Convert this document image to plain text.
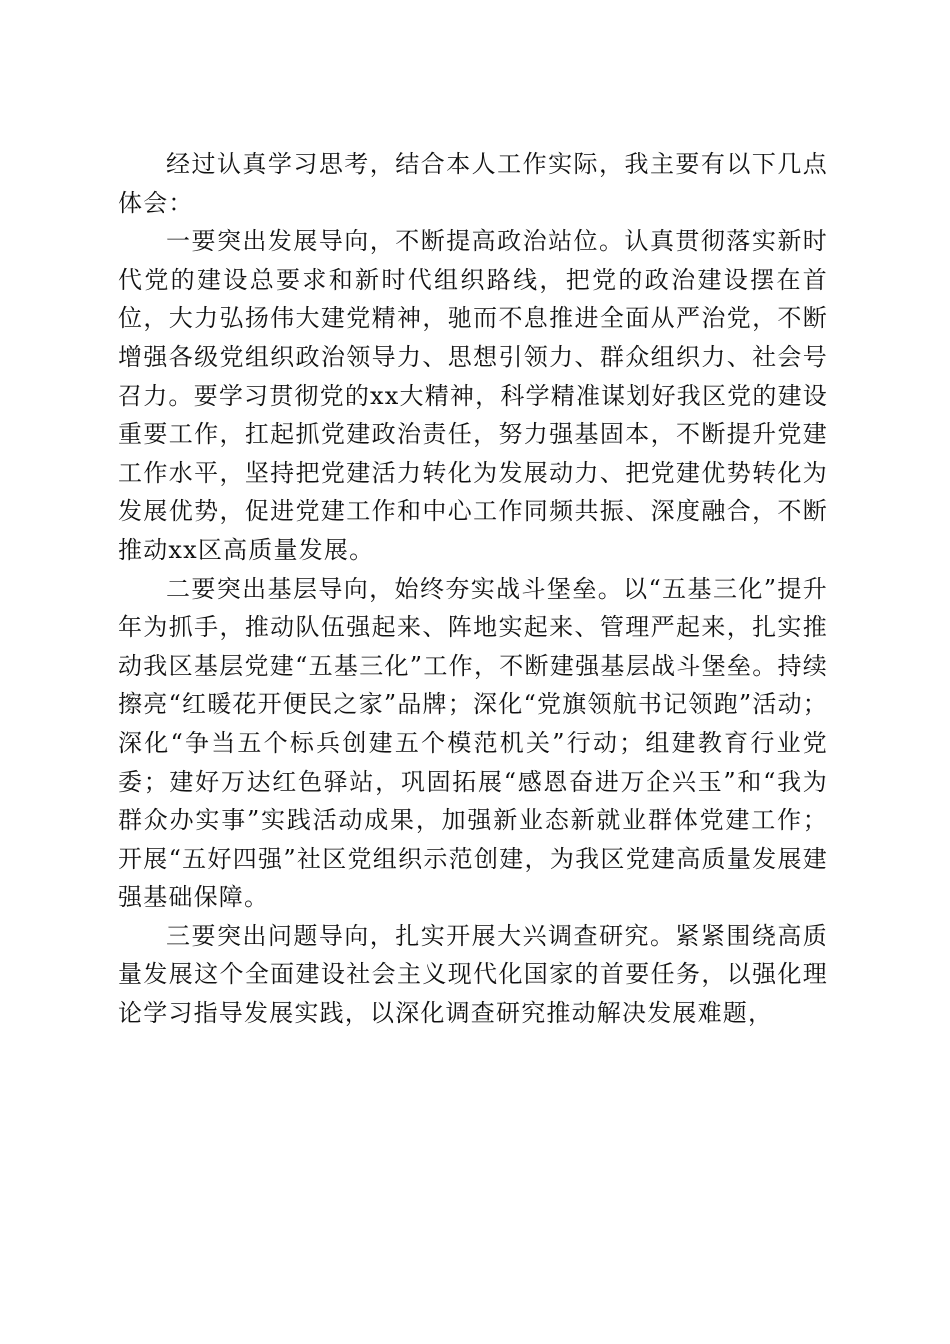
经过认真学习思考，结合本人工作实际，我主要有以下几点体会：

一要突出发展导向，不断提高政治站位。认真贯彻落实新时代党的建设总要求和新时代组织路线，把党的政治建设摆在首位，大力弘扬伟大建党精神，驰而不息推进全面从严治党，不断增强各级党组织政治领导力、思想引领力、群众组织力、社会号召力。要学习贯彻党的xx大精神，科学精准谋划好我区党的建设重要工作，扛起抓党建政治责任，努力强基固本，不断提升党建工作水平，坚持把党建活力转化为发展动力、把党建优势转化为发展优势，促进党建工作和中心工作同频共振、深度融合，不断推动xx区高质量发展。

二要突出基层导向，始终夯实战斗堡垒。以“五基三化”提升年为抓手，推动队伍强起来、阵地实起来、管理严起来，扎实推动我区基层党建“五基三化”工作，不断建强基层战斗堡垒。持续擦亮“红暖花开便民之家”品牌；深化“党旗领航书记领跑”活动；深化“争当五个标兵创建五个模范机关”行动；组建教育行业党委；建好万达红色驿站，巩固拓展“感恩奋进万企兴玉”和“我为群众办实事”实践活动成果，加强新业态新就业群体党建工作；开展“五好四强”社区党组织示范创建，为我区党建高质量发展建强基础保障。

三要突出问题导向，扎实开展大兴调查研究。紧紧围绕高质量发展这个全面建设社会主义现代化国家的首要任务，以强化理论学习指导发展实践，以深化调查研究推动解决发展难题，
